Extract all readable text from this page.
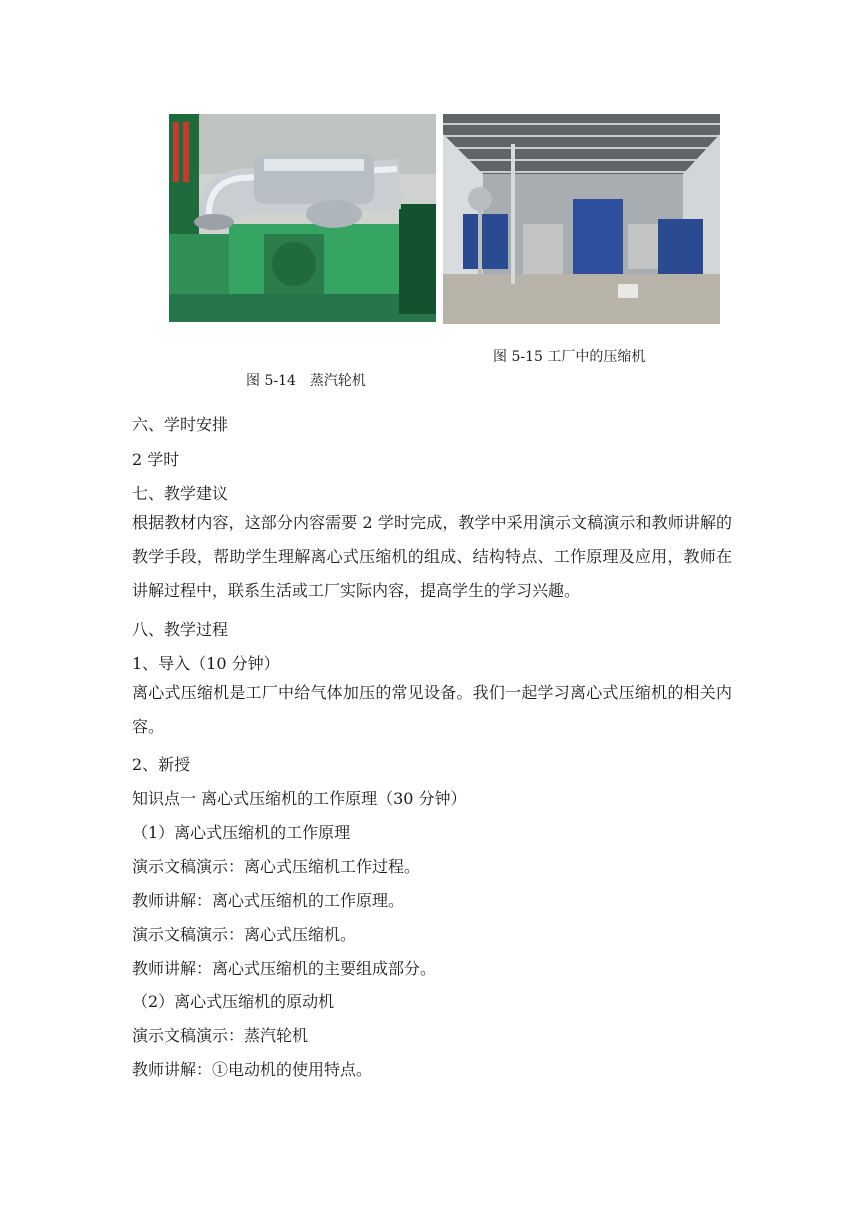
图 5-15 工厂中的压缩机
图 5-14　蒸汽轮机
六、学时安排
2 学时
七、教学建议
根据教材内容，这部分内容需要 2 学时完成，教学中采用演示文稿演示和教师讲解的教学手段，帮助学生理解离心式压缩机的组成、结构特点、工作原理及应用，教师在讲解过程中，联系生活或工厂实际内容，提高学生的学习兴趣。
八、教学过程
1、导入（10 分钟）
离心式压缩机是工厂中给气体加压的常见设备。我们一起学习离心式压缩机的相关内容。
2、新授
知识点一 离心式压缩机的工作原理（30 分钟）
（1）离心式压缩机的工作原理
演示文稿演示：离心式压缩机工作过程。
教师讲解：离心式压缩机的工作原理。
演示文稿演示：离心式压缩机。
教师讲解：离心式压缩机的主要组成部分。
（2）离心式压缩机的原动机
演示文稿演示：蒸汽轮机
教师讲解：①电动机的使用特点。
